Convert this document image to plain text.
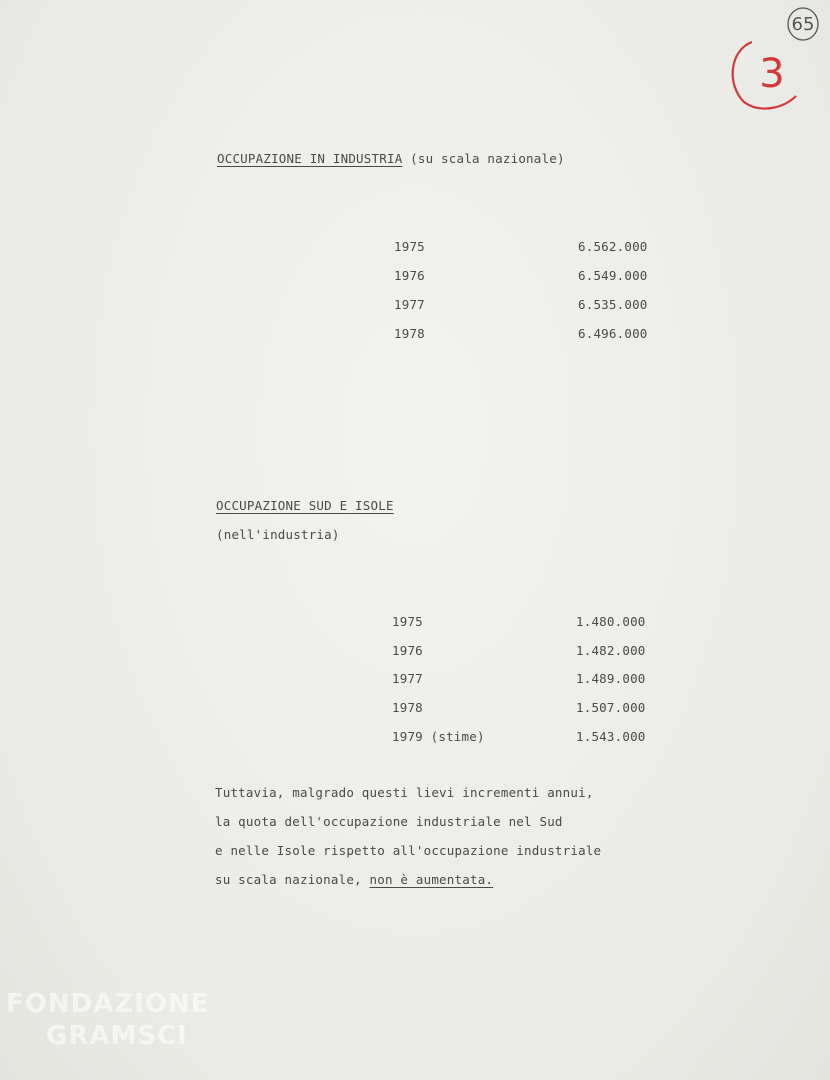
65
3
OCCUPAZIONE IN INDUSTRIA (su scala nazionale)
1975	6.562.000
1976	6.549.000
1977	6.535.000
1978	6.496.000
OCCUPAZIONE SUD E ISOLE
(nell'industria)
1975	1.480.000
1976	1.482.000
1977	1.489.000
1978	1.507.000
1979 (stime)	1.543.000
Tuttavia, malgrado questi lievi incrementi annui,
la quota dell'occupazione industriale nel Sud
e nelle Isole rispetto all'occupazione industriale
su scala nazionale, non è aumentata.
FONDAZIONE
GRAMSCI
